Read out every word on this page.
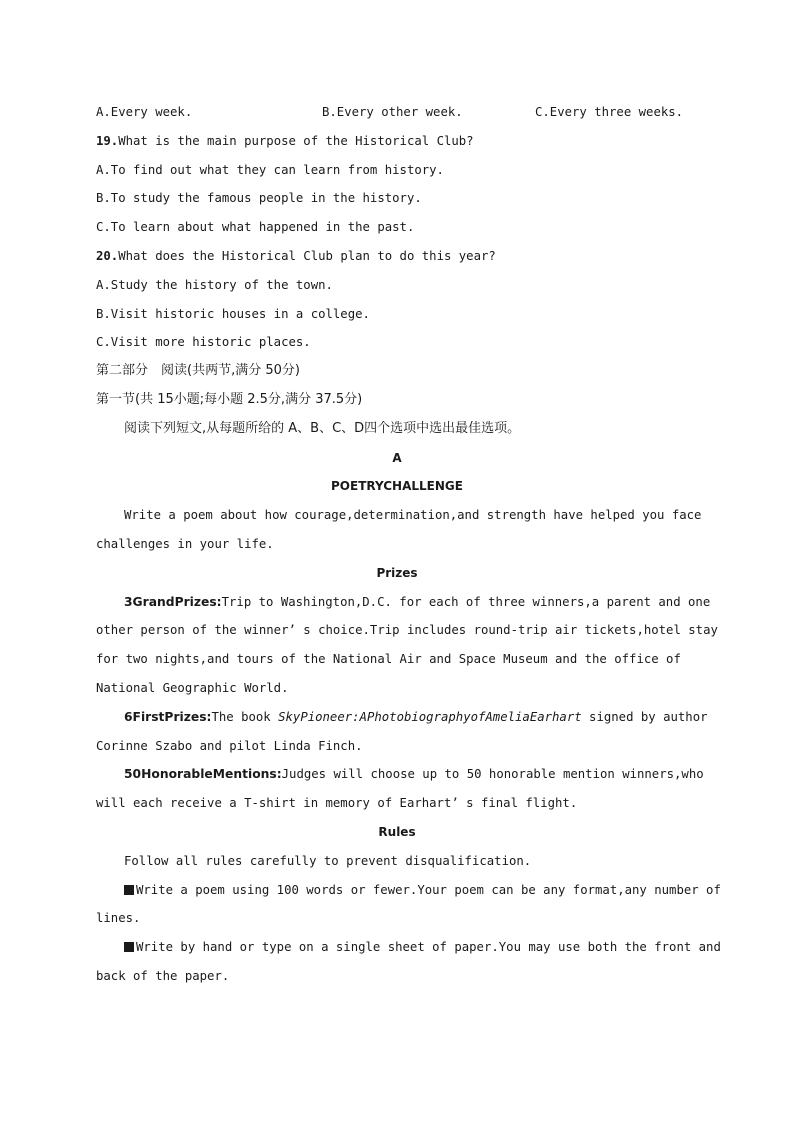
A.Every week.	B.Every other week.	C.Every three weeks.
19.What is the main purpose of the Historical Club?
A.To find out what they can learn from history.
B.To study the famous people in the history.
C.To learn about what happened in the past.
20.What does the Historical Club plan to do this year?
A.Study the history of the town.
B.Visit historic houses in a college.
C.Visit more historic places.
第二部分　阅读(共两节,满分 50分)
第一节(共 15小题;每小题 2.5分,满分 37.5分)
阅读下列短文,从每题所给的 A、B、C、D四个选项中选出最佳选项。
A
POETRYCHALLENGE
Write a poem about how courage,determination,and strength have helped you face
challenges in your life.
Prizes
3GrandPrizes:Trip to Washington,D.C. for each of three winners,a parent and one
other person of the winner’ s choice.Trip includes round-trip air tickets,hotel stay
for two nights,and tours of the National Air and Space Museum and the office of
National Geographic World.
6FirstPrizes:The book SkyPioneer:APhotobiographyofAmeliaEarhart signed by author
Corinne Szabo and pilot Linda Finch.
50HonorableMentions:Judges will choose up to 50 honorable mention winners,who
will each receive a T-shirt in memory of Earhart’ s final flight.
Rules
Follow all rules carefully to prevent disqualification.
Write a poem using 100 words or fewer.Your poem can be any format,any number of
lines.
Write by hand or type on a single sheet of paper.You may use both the front and
back of the paper.
